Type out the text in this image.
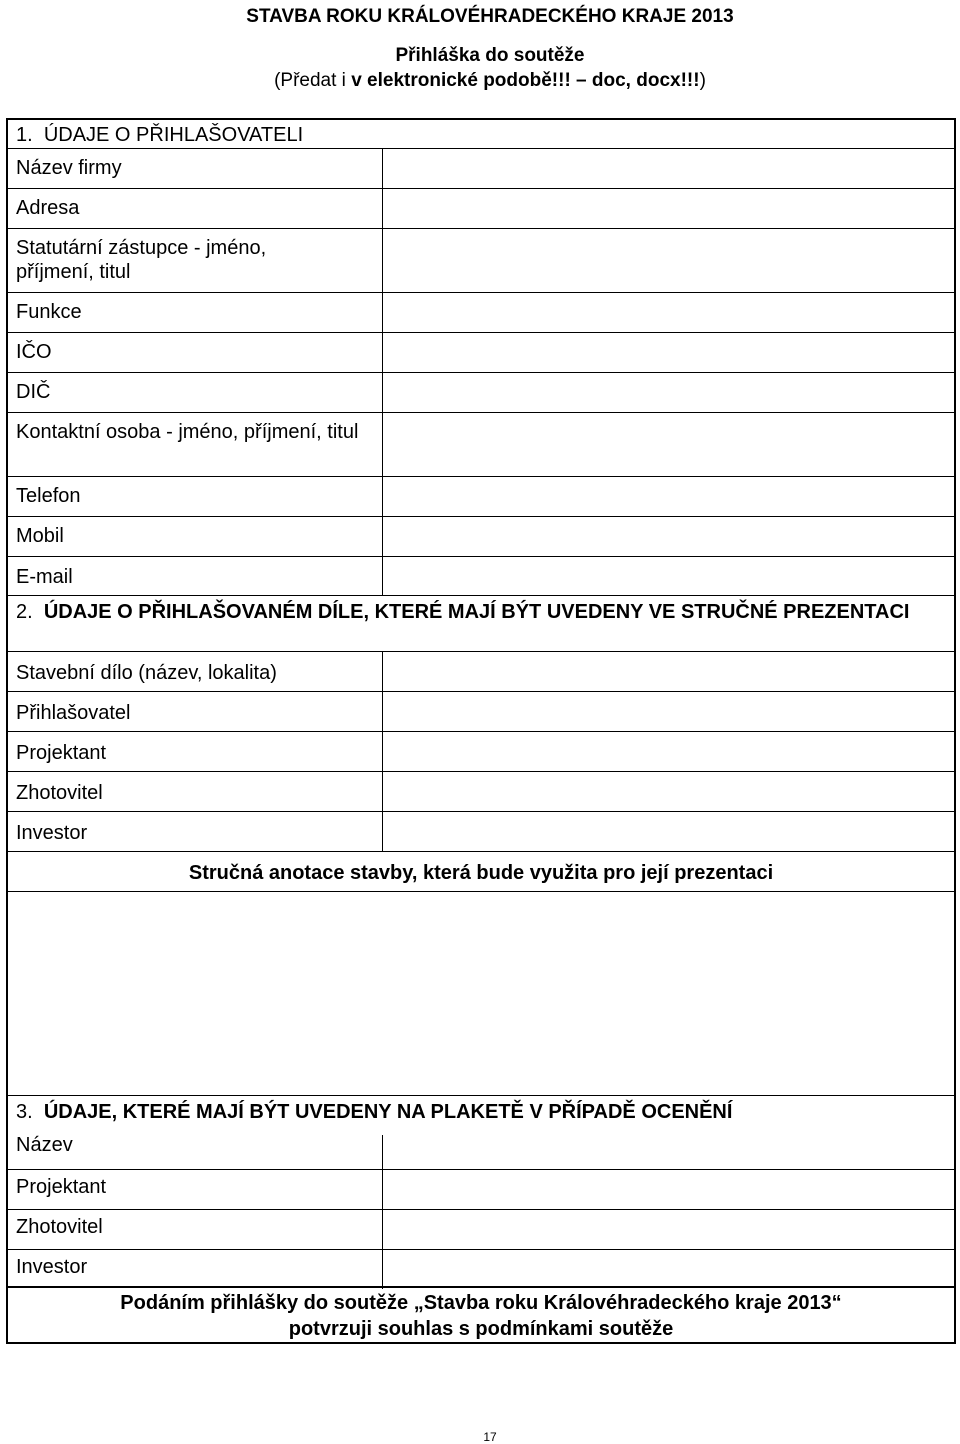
STAVBA ROKU KRÁLOVÉHRADECKÉHO KRAJE 2013
Přihláška do soutěže
(Předat i v elektronické podobě!!! – doc, docx!!!)
1. ÚDAJE O PŘIHLAŠOVATELI
Název firmy
Adresa
Statutární zástupce - jméno, příjmení, titul
Funkce
IČO
DIČ
Kontaktní osoba - jméno, příjmení, titul
Telefon
Mobil
E-mail
2. ÚDAJE O PŘIHLAŠOVANÉM DÍLE, KTERÉ MAJÍ BÝT UVEDENY VE STRUČNÉ PREZENTACI
Stavební dílo (název, lokalita)
Přihlašovatel
Projektant
Zhotovitel
Investor
Stručná anotace stavby, která bude využita pro její prezentaci
3. ÚDAJE, KTERÉ MAJÍ BÝT UVEDENY NA PLAKETĚ V PŘÍPADĚ OCENĚNÍ
Název
Projektant
Zhotovitel
Investor
Podáním přihlášky do soutěže „Stavba roku Královéhradeckého kraje 2013“
potvrzuji souhlas s podmínkami soutěže
17
